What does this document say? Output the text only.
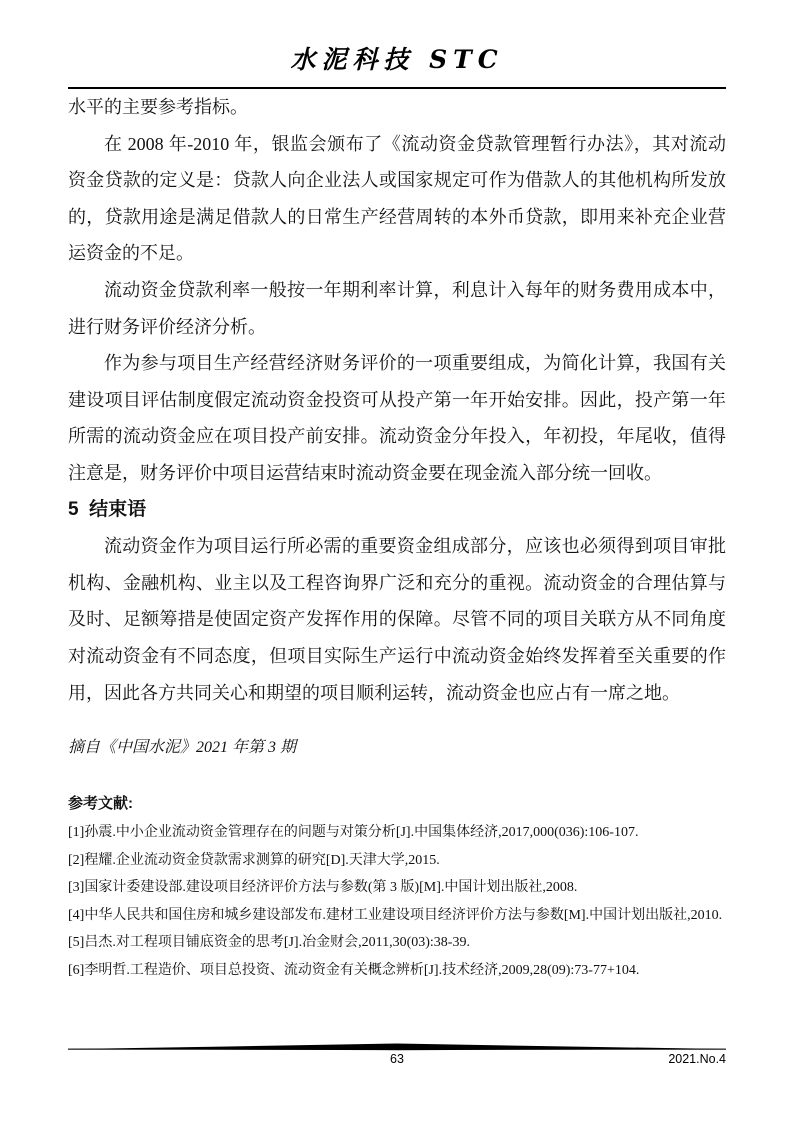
水泥科技 STC

水平的主要参考指标。

在 2008 年-2010 年，银监会颁布了《流动资金贷款管理暂行办法》，其对流动资金贷款的定义是：贷款人向企业法人或国家规定可作为借款人的其他机构所发放的，贷款用途是满足借款人的日常生产经营周转的本外币贷款，即用来补充企业营运资金的不足。

流动资金贷款利率一般按一年期利率计算，利息计入每年的财务费用成本中，进行财务评价经济分析。

作为参与项目生产经营经济财务评价的一项重要组成，为简化计算，我国有关建设项目评估制度假定流动资金投资可从投产第一年开始安排。因此，投产第一年所需的流动资金应在项目投产前安排。流动资金分年投入，年初投，年尾收，值得注意是，财务评价中项目运营结束时流动资金要在现金流入部分统一回收。

5  结束语

流动资金作为项目运行所必需的重要资金组成部分，应该也必须得到项目审批机构、金融机构、业主以及工程咨询界广泛和充分的重视。流动资金的合理估算与及时、足额筹措是使固定资产发挥作用的保障。尽管不同的项目关联方从不同角度对流动资金有不同态度，但项目实际生产运行中流动资金始终发挥着至关重要的作用，因此各方共同关心和期望的项目顺利运转，流动资金也应占有一席之地。

摘自《中国水泥》2021 年第 3 期

参考文献:

[1]孙震.中小企业流动资金管理存在的问题与对策分析[J].中国集体经济,2017,000(036):106-107.

[2]程耀.企业流动资金贷款需求测算的研究[D].天津大学,2015.

[3]国家计委建设部.建设项目经济评价方法与参数(第 3 版)[M].中国计划出版社,2008.

[4]中华人民共和国住房和城乡建设部发布.建材工业建设项目经济评价方法与参数[M].中国计划出版社,2010.

[5]吕杰.对工程项目铺底资金的思考[J].冶金财会,2011,30(03):38-39.

[6]李明哲.工程造价、项目总投资、流动资金有关概念辨析[J].技术经济,2009,28(09):73-77+104.

63	2021.No.4
